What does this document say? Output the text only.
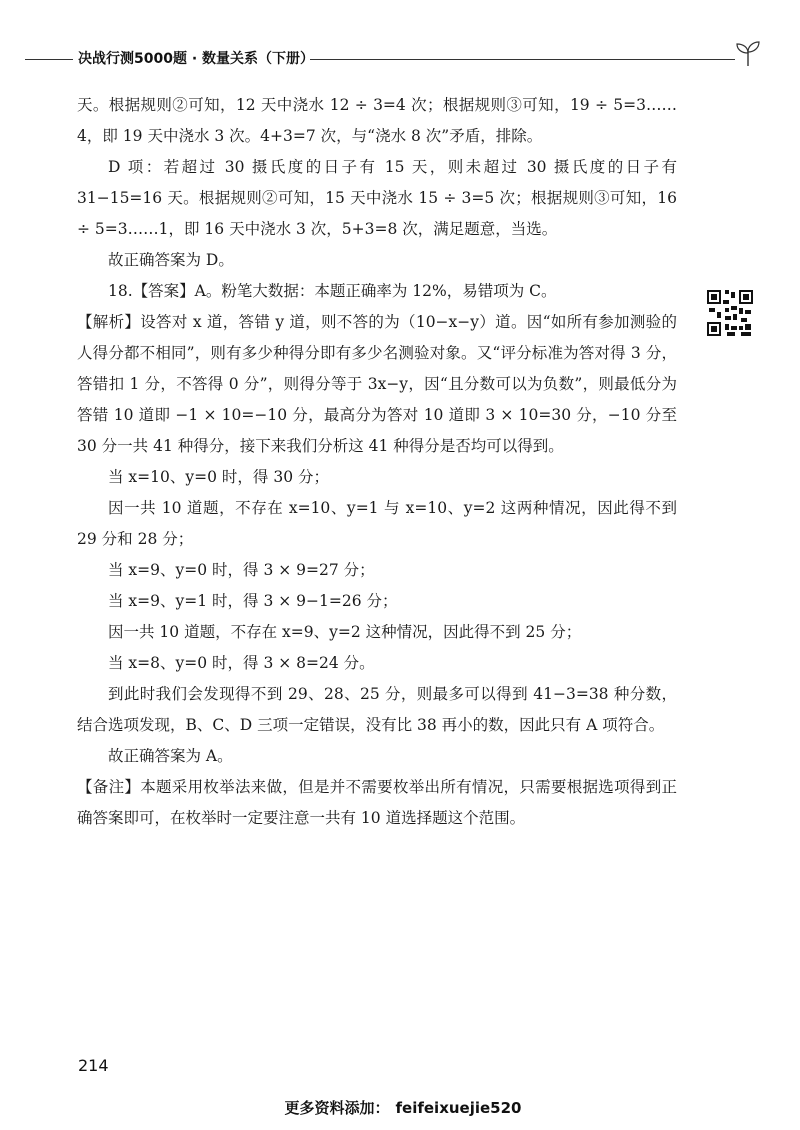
决战行测5000题 · 数量关系（下册）

天。根据规则②可知，12 天中浇水 12 ÷ 3=4 次；根据规则③可知，19 ÷ 5=3……4，即 19 天中浇水 3 次。4+3=7 次，与“浇水 8 次”矛盾，排除。

D 项：若超过 30 摄氏度的日子有 15 天，则未超过 30 摄氏度的日子有 31−15=16 天。根据规则②可知，15 天中浇水 15 ÷ 3=5 次；根据规则③可知，16 ÷ 5=3……1，即 16 天中浇水 3 次，5+3=8 次，满足题意，当选。

故正确答案为 D。

18.【答案】A。粉笔大数据：本题正确率为 12%，易错项为 C。

【解析】设答对 x 道，答错 y 道，则不答的为（10−x−y）道。因“如所有参加测验的人得分都不相同”，则有多少种得分即有多少名测验对象。又“评分标准为答对得 3 分，答错扣 1 分，不答得 0 分”，则得分等于 3x−y，因“且分数可以为负数”，则最低分为答错 10 道即 −1 × 10=−10 分，最高分为答对 10 道即 3 × 10=30 分，−10 分至 30 分一共 41 种得分，接下来我们分析这 41 种得分是否均可以得到。

当 x=10、y=0 时，得 30 分；

因一共 10 道题，不存在 x=10、y=1 与 x=10、y=2 这两种情况，因此得不到 29 分和 28 分；

当 x=9、y=0 时，得 3 × 9=27 分；

当 x=9、y=1 时，得 3 × 9−1=26 分；

因一共 10 道题，不存在 x=9、y=2 这种情况，因此得不到 25 分；

当 x=8、y=0 时，得 3 × 8=24 分。

到此时我们会发现得不到 29、28、25 分，则最多可以得到 41−3=38 种分数，结合选项发现，B、C、D 三项一定错误，没有比 38 再小的数，因此只有 A 项符合。

故正确答案为 A。

【备注】本题采用枚举法来做，但是并不需要枚举出所有情况，只需要根据选项得到正确答案即可，在枚举时一定要注意一共有 10 道选择题这个范围。

214
更多资料添加： feifeixuejie520
